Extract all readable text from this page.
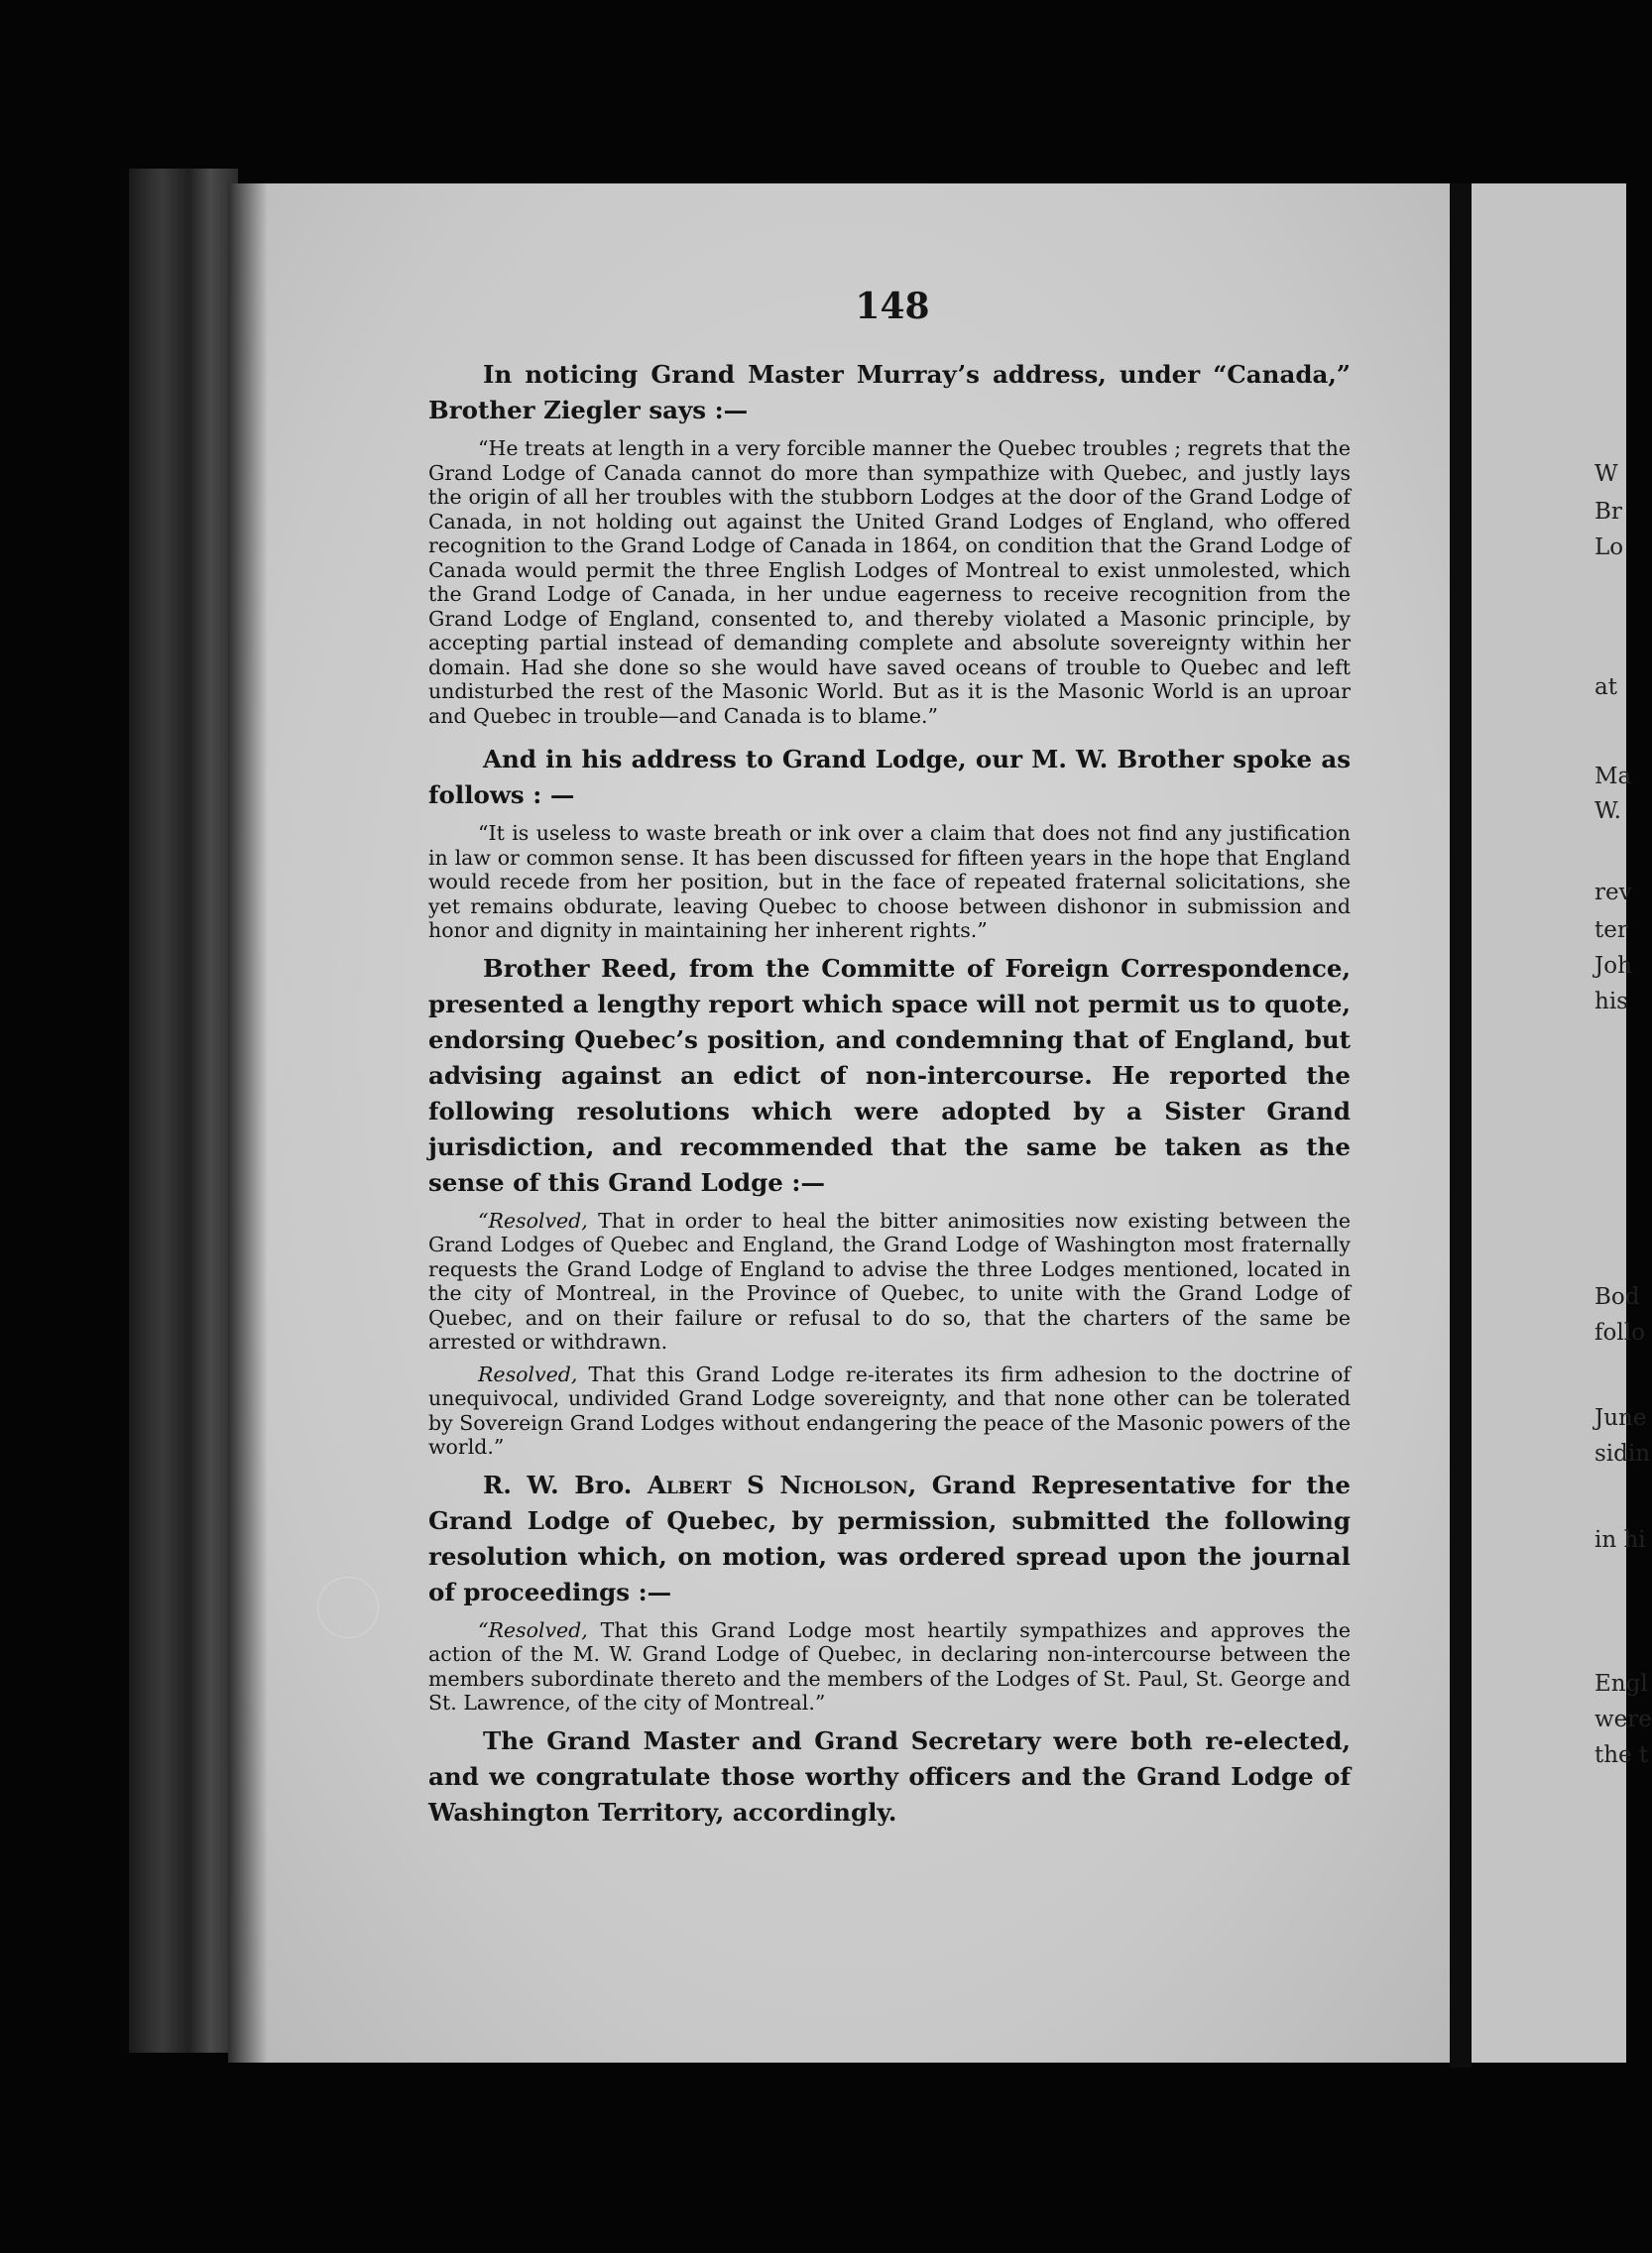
W

Br

Lo

at

Ma

W.

rev

ter

Joh

his

Bod

follo

June

sidin

in hi

Engl

were

the t

148

In noticing Grand Master Murray’s address, under “Canada,” Brother Ziegler says :—

“He treats at length in a very forcible manner the Quebec troubles ; regrets that the Grand Lodge of Canada cannot do more than sympathize with Quebec, and justly lays the origin of all her troubles with the stubborn Lodges at the door of the Grand Lodge of Canada, in not holding out against the United Grand Lodges of England, who offered recognition to the Grand Lodge of Canada in 1864, on condition that the Grand Lodge of Canada would permit the three English Lodges of Montreal to exist unmolested, which the Grand Lodge of Canada, in her undue eagerness to receive recognition from the Grand Lodge of England, consented to, and thereby violated a Masonic principle, by accepting partial instead of demanding complete and absolute sovereignty within her domain. Had she done so she would have saved oceans of trouble to Quebec and left undisturbed the rest of the Masonic World. But as it is the Masonic World is an uproar and Quebec in trouble—and Canada is to blame.”

And in his address to Grand Lodge, our M. W. Brother spoke as follows : —

“It is useless to waste breath or ink over a claim that does not find any justification in law or common sense. It has been discussed for fifteen years in the hope that England would recede from her position, but in the face of repeated fraternal solicitations, she yet remains obdurate, leaving Quebec to choose between dishonor in submission and honor and dignity in maintaining her inherent rights.”

Brother Reed, from the Committe of Foreign Correspondence, presented a lengthy report which space will not permit us to quote, endorsing Quebec’s position, and condemning that of England, but advising against an edict of non-intercourse. He reported the following resolutions which were adopted by a Sister Grand jurisdiction, and recommended that the same be taken as the sense of this Grand Lodge :—

“Resolved, That in order to heal the bitter animosities now existing between the Grand Lodges of Quebec and England, the Grand Lodge of Washington most fraternally requests the Grand Lodge of England to advise the three Lodges mentioned, located in the city of Montreal, in the Province of Quebec, to unite with the Grand Lodge of Quebec, and on their failure or refusal to do so, that the charters of the same be arrested or withdrawn.

Resolved, That this Grand Lodge re-iterates its firm adhesion to the doctrine of unequivocal, undivided Grand Lodge sovereignty, and that none other can be tolerated by Sovereign Grand Lodges without endangering the peace of the Masonic powers of the world.”

R. W. Bro. Albert S Nicholson, Grand Representative for the Grand Lodge of Quebec, by permission, submitted the following resolution which, on motion, was ordered spread upon the journal of proceedings :—

“Resolved, That this Grand Lodge most heartily sympathizes and approves the action of the M. W. Grand Lodge of Quebec, in declaring non-intercourse between the members subordinate thereto and the members of the Lodges of St. Paul, St. George and St. Lawrence, of the city of Montreal.”

The Grand Master and Grand Secretary were both re-elected, and we congratulate those worthy officers and the Grand Lodge of Washington Territory, accordingly.
